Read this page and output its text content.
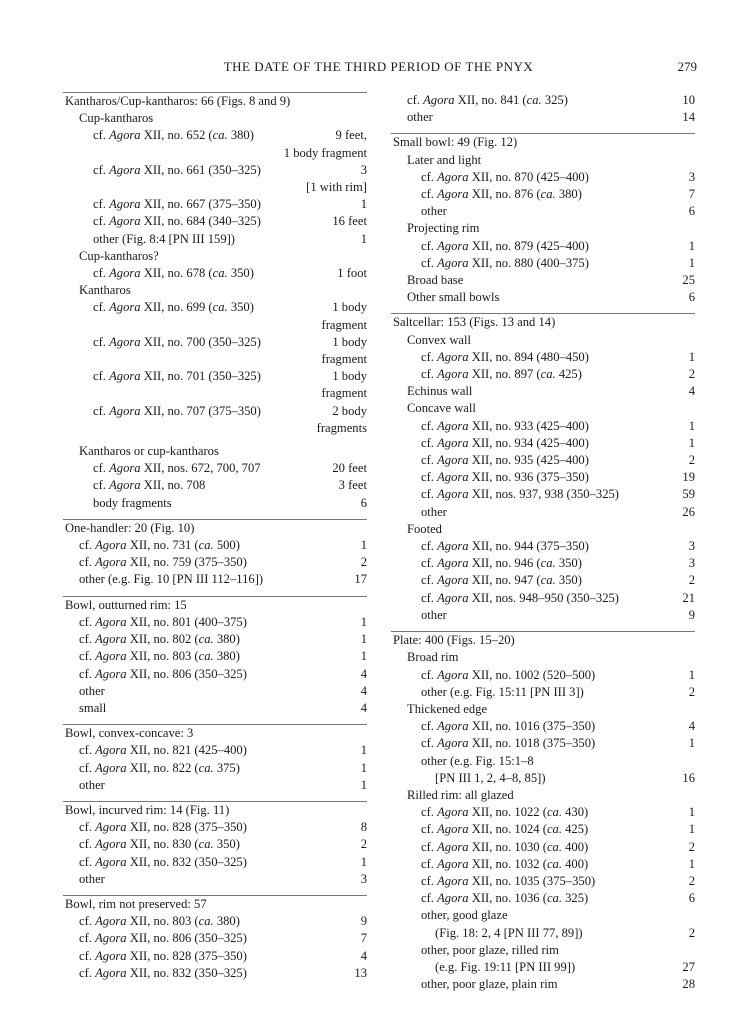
THE DATE OF THE THIRD PERIOD OF THE PNYX	279
Kantharos/Cup-kantharos: 66 (Figs. 8 and 9)
Cup-kantharos
cf. Agora XII, no. 652 (ca. 380)	9 feet,
1 body fragment
cf. Agora XII, no. 661 (350–325)	3
[1 with rim]
cf. Agora XII, no. 667 (375–350)	1
cf. Agora XII, no. 684 (340–325)	16 feet
other (Fig. 8:4 [PN III 159])	1
Cup-kantharos?
cf. Agora XII, no. 678 (ca. 350)	1 foot
Kantharos
cf. Agora XII, no. 699 (ca. 350)	1 body
fragment
cf. Agora XII, no. 700 (350–325)	1 body
fragment
cf. Agora XII, no. 701 (350–325)	1 body
fragment
cf. Agora XII, no. 707 (375–350)	2 body
fragments
Kantharos or cup-kantharos
cf. Agora XII, nos. 672, 700, 707	20 feet
cf. Agora XII, no. 708	3 feet
body fragments	6
One-handler: 20 (Fig. 10)
cf. Agora XII, no. 731 (ca. 500)	1
cf. Agora XII, no. 759 (375–350)	2
other (e.g. Fig. 10 [PN III 112–116])	17
Bowl, outturned rim: 15
cf. Agora XII, no. 801 (400–375)	1
cf. Agora XII, no. 802 (ca. 380)	1
cf. Agora XII, no. 803 (ca. 380)	1
cf. Agora XII, no. 806 (350–325)	4
other	4
small	4
Bowl, convex-concave: 3
cf. Agora XII, no. 821 (425–400)	1
cf. Agora XII, no. 822 (ca. 375)	1
other	1
Bowl, incurved rim: 14 (Fig. 11)
cf. Agora XII, no. 828 (375–350)	8
cf. Agora XII, no. 830 (ca. 350)	2
cf. Agora XII, no. 832 (350–325)	1
other	3
Bowl, rim not preserved: 57
cf. Agora XII, no. 803 (ca. 380)	9
cf. Agora XII, no. 806 (350–325)	7
cf. Agora XII, no. 828 (375–350)	4
cf. Agora XII, no. 832 (350–325)	13
cf. Agora XII, no. 841 (ca. 325)	10
other	14
Small bowl: 49 (Fig. 12)
Later and light
cf. Agora XII, no. 870 (425–400)	3
cf. Agora XII, no. 876 (ca. 380)	7
other	6
Projecting rim
cf. Agora XII, no. 879 (425–400)	1
cf. Agora XII, no. 880 (400–375)	1
Broad base	25
Other small bowls	6
Saltcellar: 153 (Figs. 13 and 14)
Convex wall
cf. Agora XII, no. 894 (480–450)	1
cf. Agora XII, no. 897 (ca. 425)	2
Echinus wall	4
Concave wall
cf. Agora XII, no. 933 (425–400)	1
cf. Agora XII, no. 934 (425–400)	1
cf. Agora XII, no. 935 (425–400)	2
cf. Agora XII, no. 936 (375–350)	19
cf. Agora XII, nos. 937, 938 (350–325)	59
other	26
Footed
cf. Agora XII, no. 944 (375–350)	3
cf. Agora XII, no. 946 (ca. 350)	3
cf. Agora XII, no. 947 (ca. 350)	2
cf. Agora XII, nos. 948–950 (350–325)	21
other	9
Plate: 400 (Figs. 15–20)
Broad rim
cf. Agora XII, no. 1002 (520–500)	1
other (e.g. Fig. 15:11 [PN III 3])	2
Thickened edge
cf. Agora XII, no. 1016 (375–350)	4
cf. Agora XII, no. 1018 (375–350)	1
other (e.g. Fig. 15:1–8
[PN III 1, 2, 4–8, 85])	16
Rilled rim: all glazed
cf. Agora XII, no. 1022 (ca. 430)	1
cf. Agora XII, no. 1024 (ca. 425)	1
cf. Agora XII, no. 1030 (ca. 400)	2
cf. Agora XII, no. 1032 (ca. 400)	1
cf. Agora XII, no. 1035 (375–350)	2
cf. Agora XII, no. 1036 (ca. 325)	6
other, good glaze
(Fig. 18: 2, 4 [PN III 77, 89])	2
other, poor glaze, rilled rim
(e.g. Fig. 19:11 [PN III 99])	27
other, poor glaze, plain rim	28
